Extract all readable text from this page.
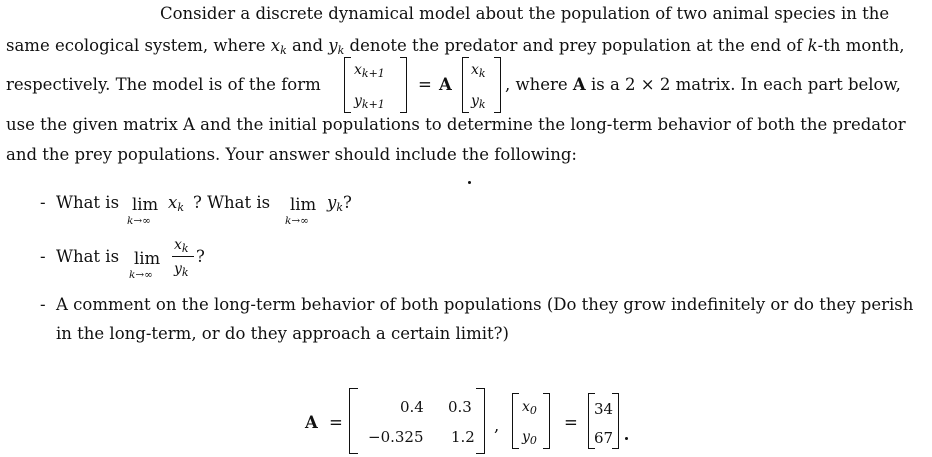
Consider a discrete dynamical model about the population of two animal species in the
same ecological system, where $x_k$ and $y_k$ denote the predator and prey population at the end of k-th month,
respectively. The model is of the form
$x_{k+1}$
$y_{k+1}$
= A
$x_k$
$y_k$
, where A is a 2 × 2 matrix. In each part below,
use the given matrix A and the initial populations to determine the long-term behavior of both the predator
and the prey populations. Your answer should include the following:
- What is lim
k→∞
$x_k$ ? What is lim
k→∞
$y_k$?
- What is lim
k→∞
$x_k$
$y_k$
?
- A comment on the long-term behavior of both populations (Do they grow indefinitely or do they perish
in the long-term, or do they approach a certain limit?)
A =
0.4 0.3
−0.325 1.2
,
$x_0$
$y_0$
=
34
67
